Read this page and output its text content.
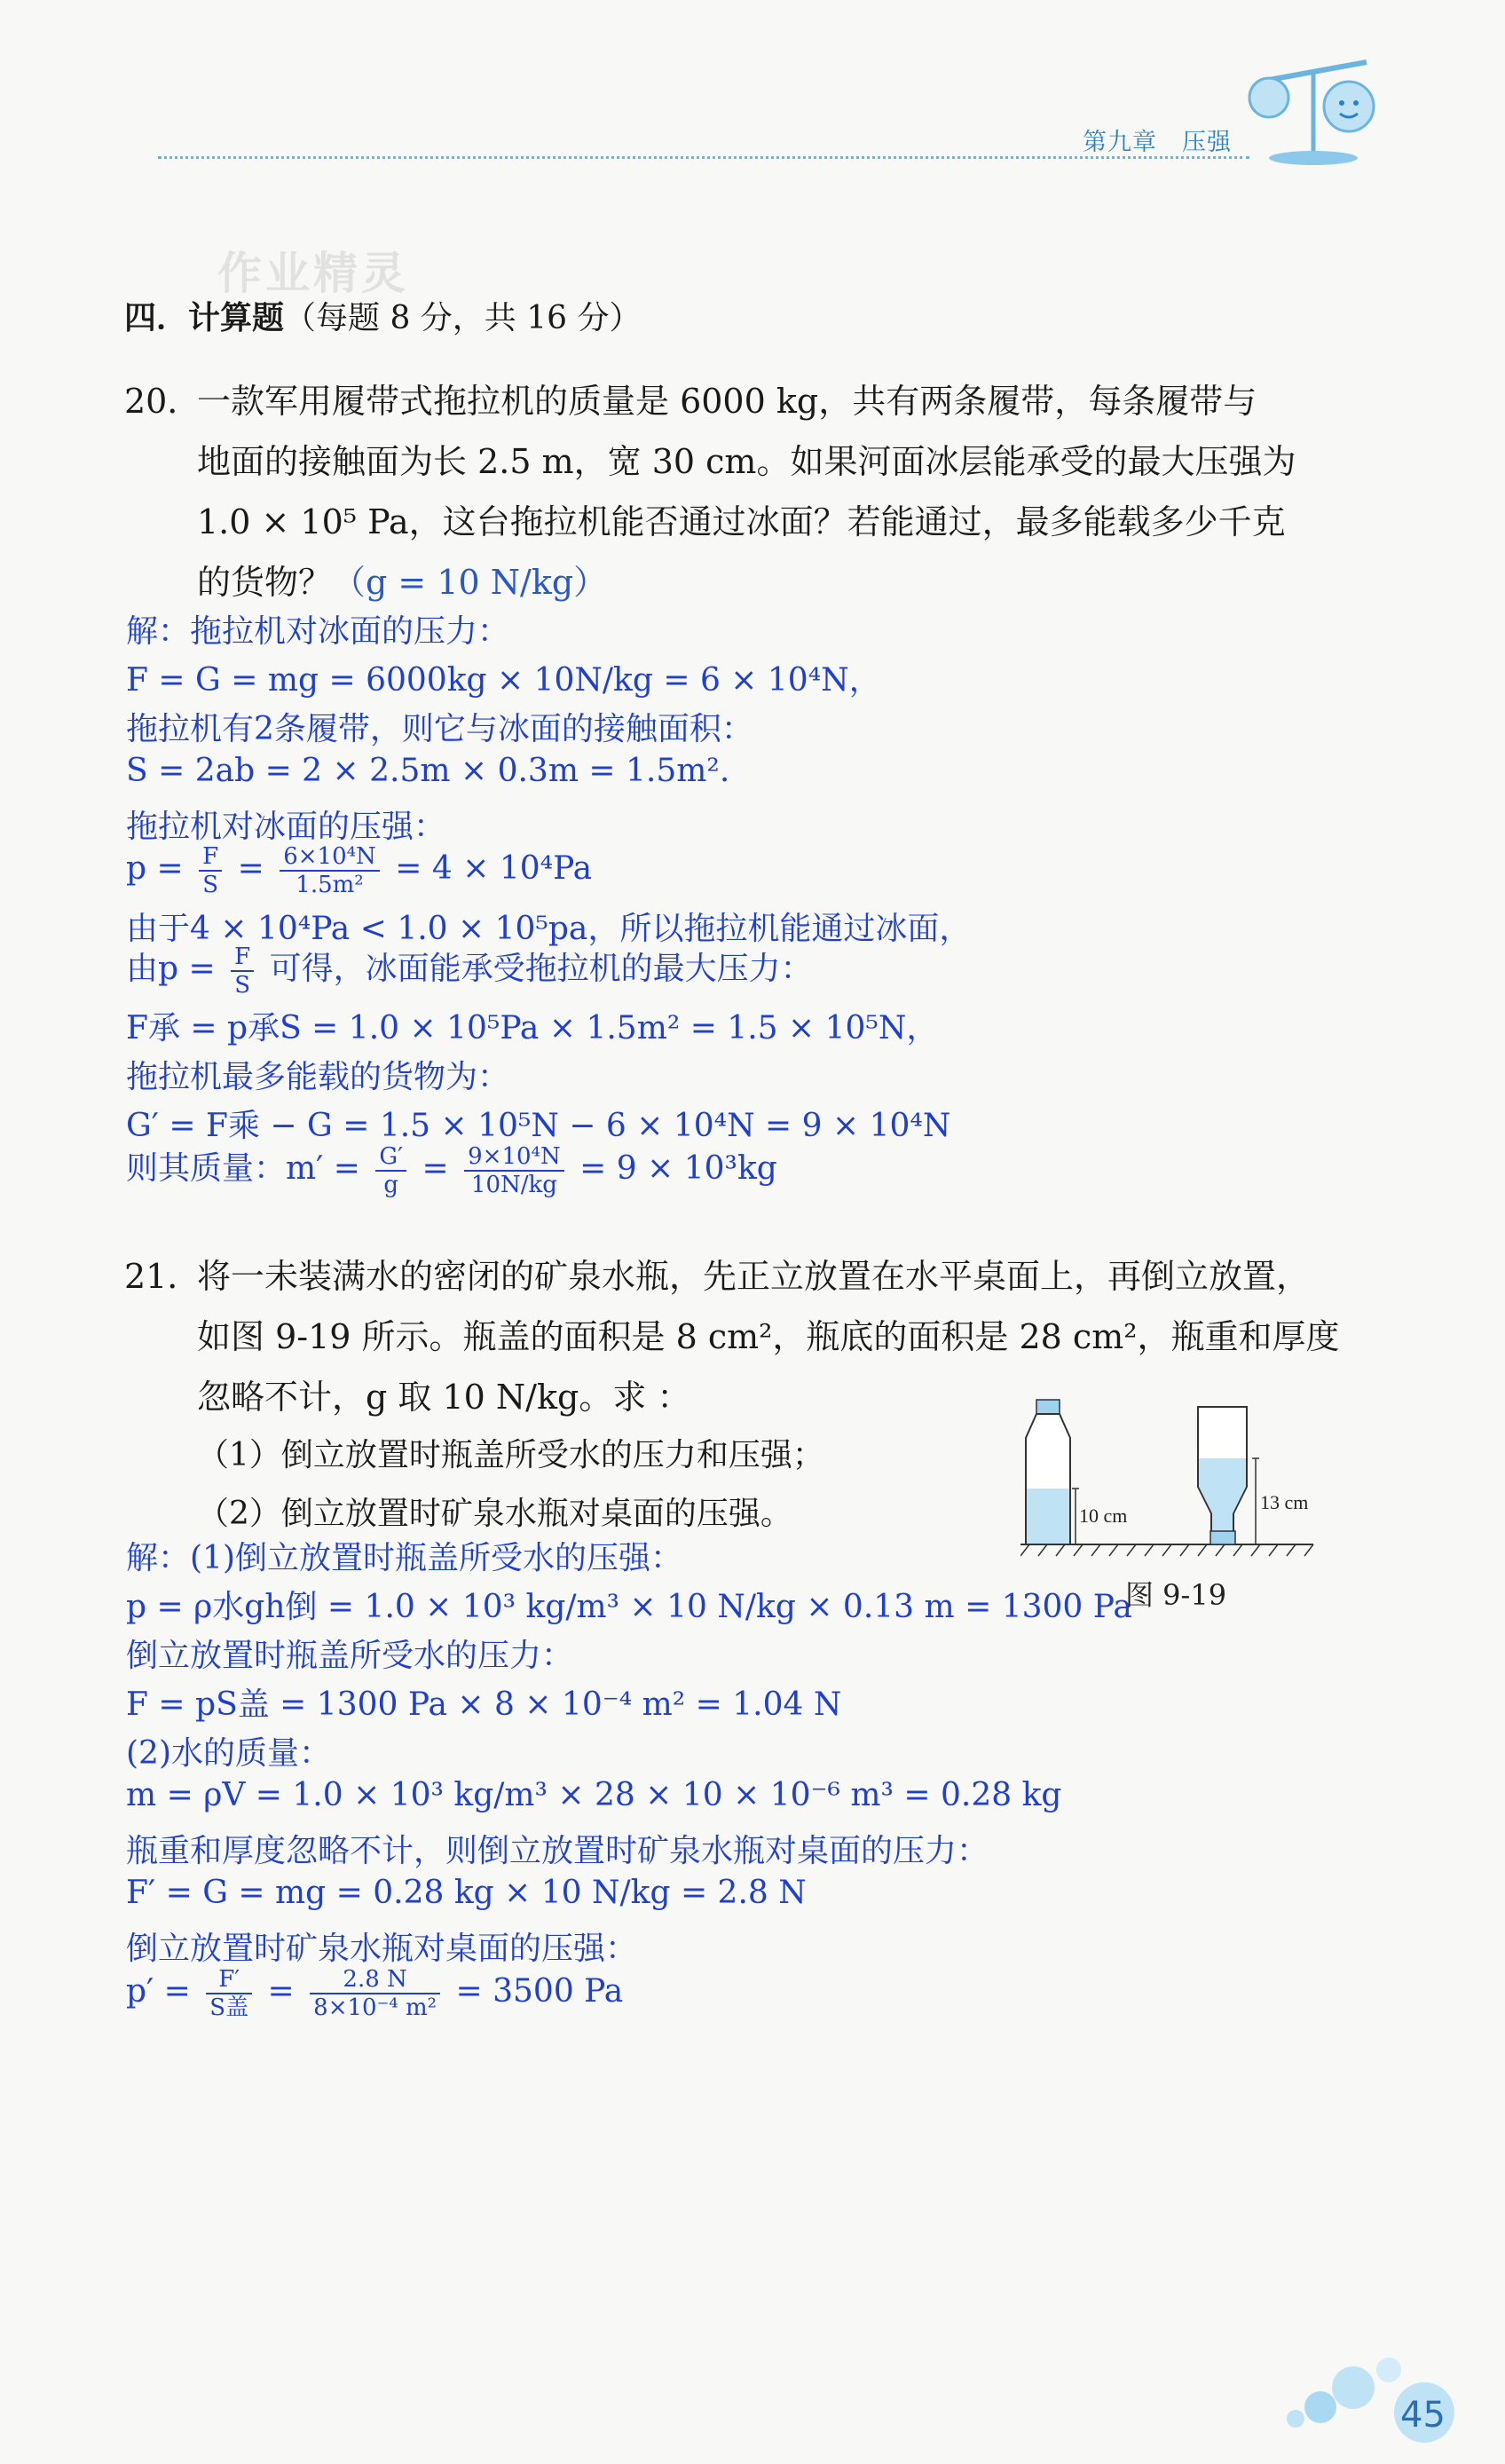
第九章　压强
作业精灵
四．计算题（每题 8 分，共 16 分）
20．
一款军用履带式拖拉机的质量是 6000 kg，共有两条履带，每条履带与
地面的接触面为长 2.5 m，宽 30 cm。如果河面冰层能承受的最大压强为
1.0 × 10⁵ Pa，这台拖拉机能否通过冰面？若能通过，最多能载多少千克
的货物？（g = 10 N/kg）
解：拖拉机对冰面的压力：
F = G = mg = 6000kg × 10N/kg = 6 × 10⁴N，
拖拉机有2条履带，则它与冰面的接触面积：
S = 2ab = 2 × 2.5m × 0.3m = 1.5m².
拖拉机对冰面的压强：
$p = \frac{F}{S} = \frac{\text{6×10⁴N}}{\text{1.5m²}} = 4 \times 10^4Pa$
由于4 × 10⁴Pa < 1.0 × 10⁵pa，所以拖拉机能通过冰面，
由$p = \frac{F}{S}$ 可得，冰面能承受拖拉机的最大压力：
F承 = p承S = 1.0 × 10⁵Pa × 1.5m² = 1.5 × 10⁵N，
拖拉机最多能载的货物为：
G′ = F乘 − G = 1.5 × 10⁵N − 6 × 10⁴N = 9 × 10⁴N
则其质量：$m' = \frac{G'}{g} = \frac{\text{9×10⁴N}}{10N/kg} = 9 \times 10^3kg$
21．
将一未装满水的密闭的矿泉水瓶，先正立放置在水平桌面上，再倒立放置，
如图 9-19 所示。瓶盖的面积是 8 cm²，瓶底的面积是 28 cm²，瓶重和厚度
忽略不计，g 取 10 N/kg。求 ：
（1）倒立放置时瓶盖所受水的压力和压强；
（2）倒立放置时矿泉水瓶对桌面的压强。	10 cm
13 cm
图 9-19
解：(1)倒立放置时瓶盖所受水的压强：
p = ρ水gh倒 = 1.0 × 10³ kg/m³ × 10 N/kg × 0.13 m = 1300 Pa
倒立放置时瓶盖所受水的压力：
F = pS盖 = 1300 Pa × 8 × 10⁻⁴ m² = 1.04 N
(2)水的质量：
m = ρV = 1.0 × 10³ kg/m³ × 28 × 10 × 10⁻⁶ m³ = 0.28 kg
瓶重和厚度忽略不计，则倒立放置时矿泉水瓶对桌面的压力：
F′ = G = mg = 0.28 kg × 10 N/kg = 2.8 N
倒立放置时矿泉水瓶对桌面的压强：
$p' = \frac{F'}{\text{S盖}} = \frac{2.8 N}{\text{8×10⁻⁴ m²}} = 3500$ Pa
45
